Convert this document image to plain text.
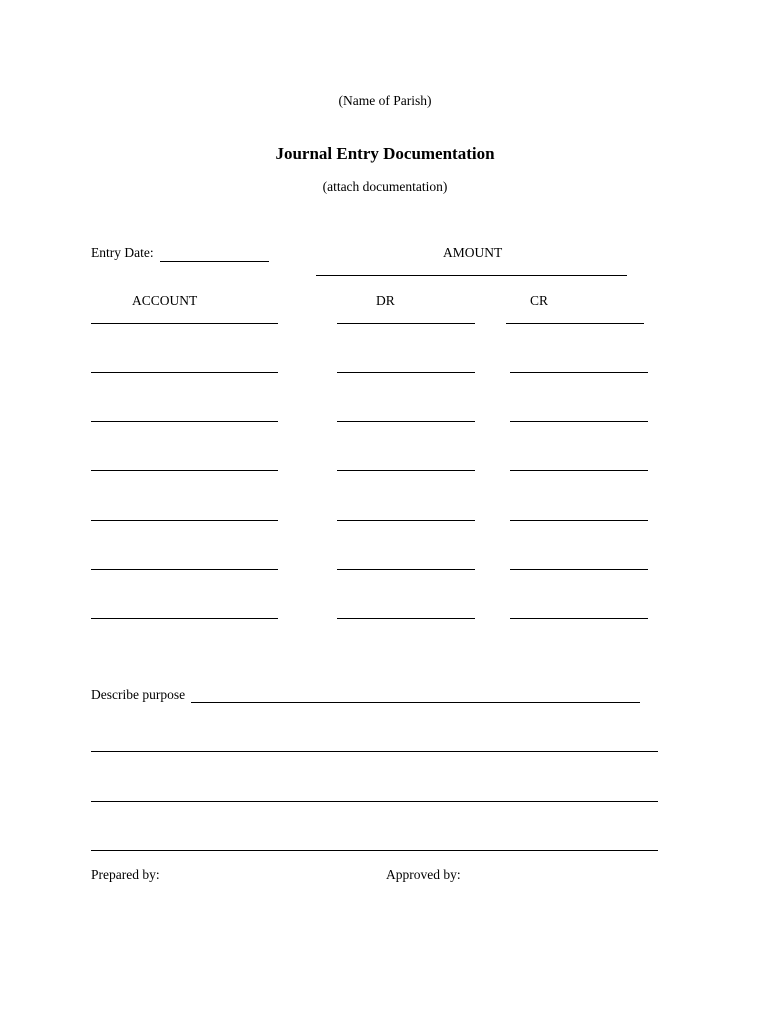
(Name of Parish)
Journal Entry Documentation
(attach documentation)
Entry Date:	AMOUNT
ACCOUNT	DR	CR
Describe purpose
Prepared by:	Approved by:
